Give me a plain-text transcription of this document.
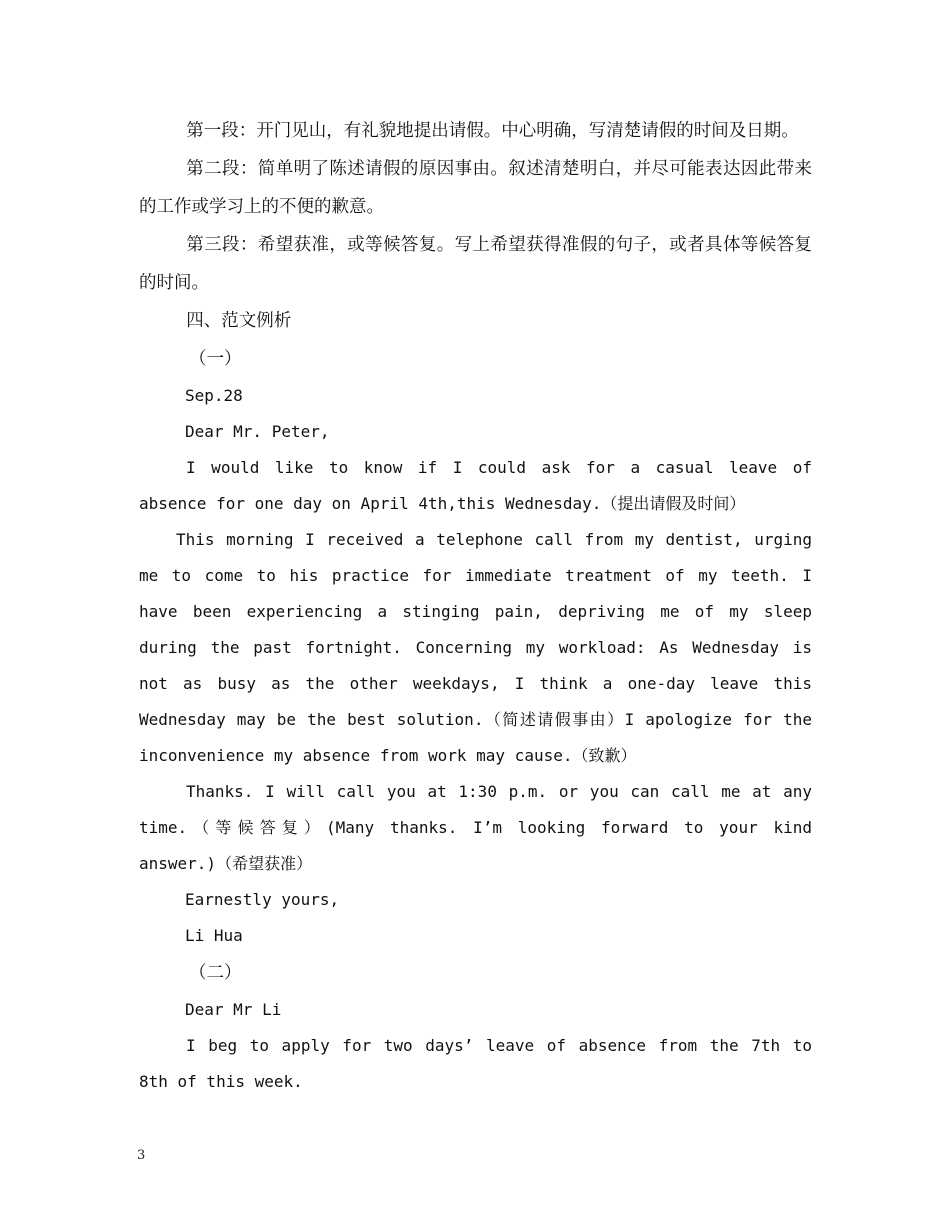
第一段：开门见山，有礼貌地提出请假。中心明确，写清楚请假的时间及日期。

第二段：简单明了陈述请假的原因事由。叙述清楚明白，并尽可能表达因此带来的工作或学习上的不便的歉意。

第三段：希望获准，或等候答复。写上希望获得准假的句子，或者具体等候答复的时间。

四、范文例析

（一）

Sep.28

Dear Mr. Peter,

I would like to know if I could ask for a casual leave of absence for one day on April 4th,this Wednesday.（提出请假及时间）

This morning I received a telephone call from my dentist, urging me to come to his practice for immediate treatment of my teeth. I have been experiencing a stinging pain, depriving me of my sleep during the past fortnight. Concerning my workload: As Wednesday is not as busy as the other weekdays, I think a one-day leave this Wednesday may be the best solution.（简述请假事由）I apologize for the inconvenience my absence from work may cause.（致歉）

Thanks. I will call you at 1:30 p.m. or you can call me at any time.（等候答复）(Many thanks. I’m looking forward to your kind answer.)（希望获准）

Earnestly yours,

Li Hua

（二）

Dear Mr Li

I beg to apply for two days’ leave of absence from the 7th to 8th of this week.

3
